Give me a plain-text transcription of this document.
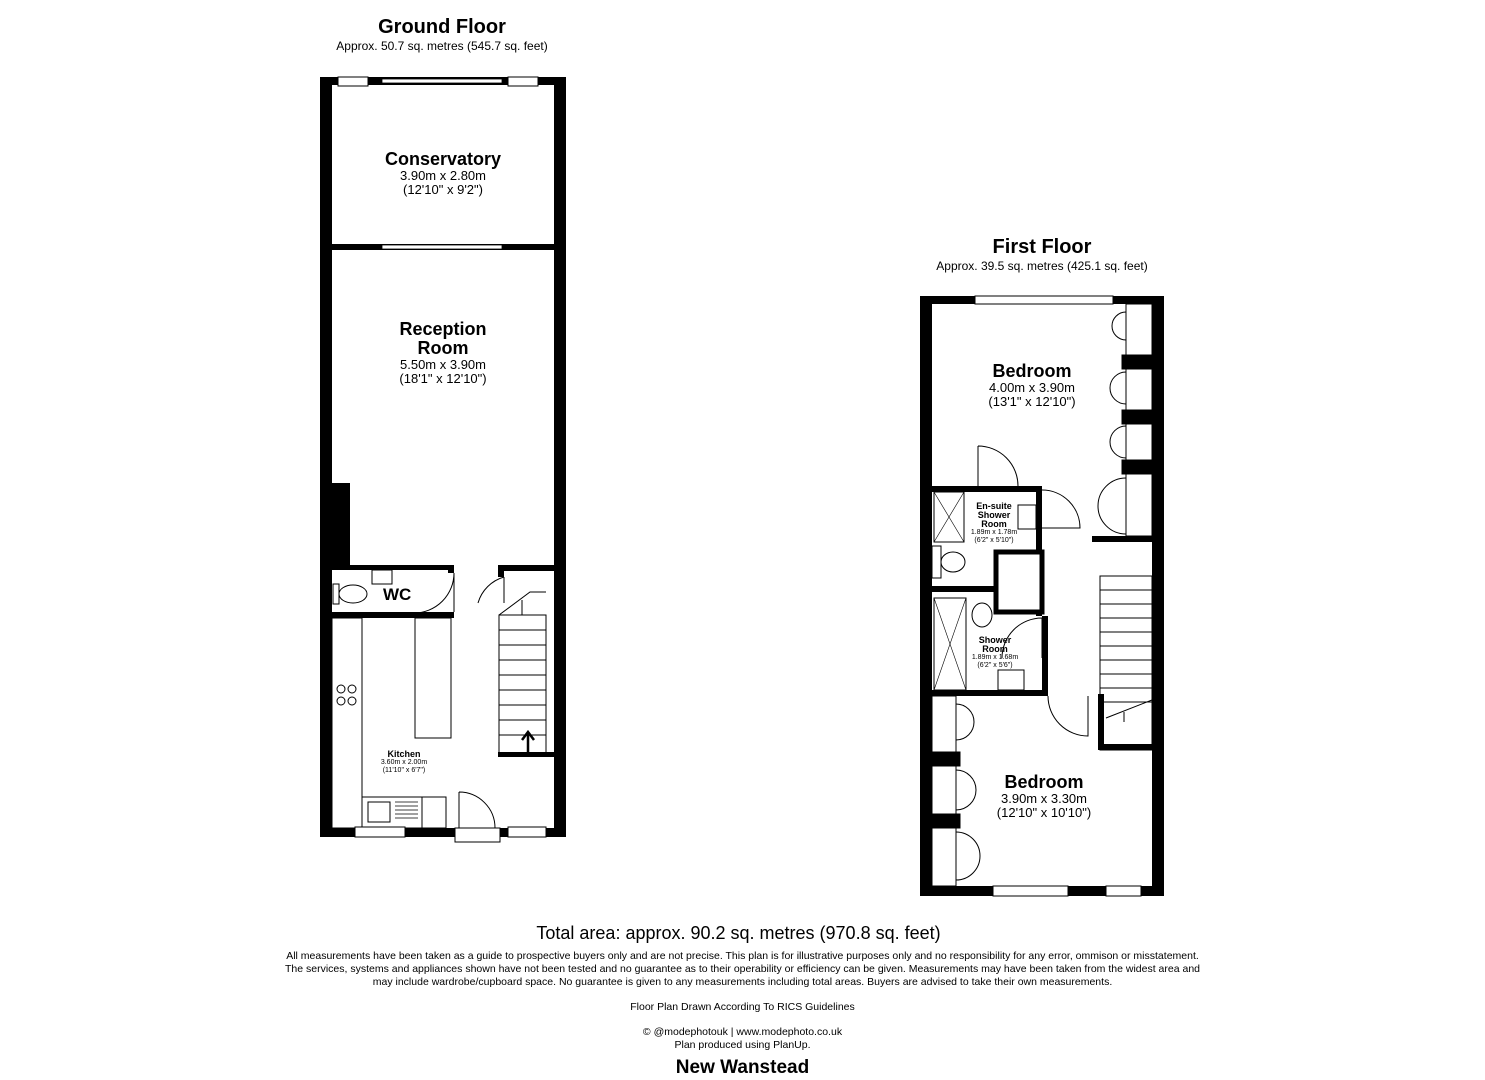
Ground Floor
Approx. 50.7 sq. metres (545.7 sq. feet)
Conservatory
3.90m x 2.80m
(12'10" x 9'2")
Reception
Room
5.50m x 3.90m
(18'1" x 12'10")
WC
Kitchen
3.60m x 2.00m
(11'10" x 6'7")
First Floor
Approx. 39.5 sq. metres (425.1 sq. feet)
Bedroom
4.00m x 3.90m
(13'1" x 12'10")
En-suite
Shower
Room
1.89m x 1.78m
(6'2" x 5'10")
Shower
Room
1.89m x 1.68m
(6'2" x 5'6")
Bedroom
3.90m x 3.30m
(12'10" x 10'10")
Total area: approx. 90.2 sq. metres (970.8 sq. feet)
All measurements have been taken as a guide to prospective buyers only and are not precise. This plan is for illustrative purposes only and no responsibility for any error, ommison or misstatement.
The services, systems and appliances shown have not been tested and no guarantee as to their operability or efficiency can be given. Measurements may have been taken from the widest area and
may include wardrobe/cupboard space. No guarantee is given to any measurements including total areas. Buyers are advised to take their own measurements.
Floor Plan Drawn According To RICS Guidelines
© @modephotouk | www.modephoto.co.uk
Plan produced using PlanUp.
New Wanstead
